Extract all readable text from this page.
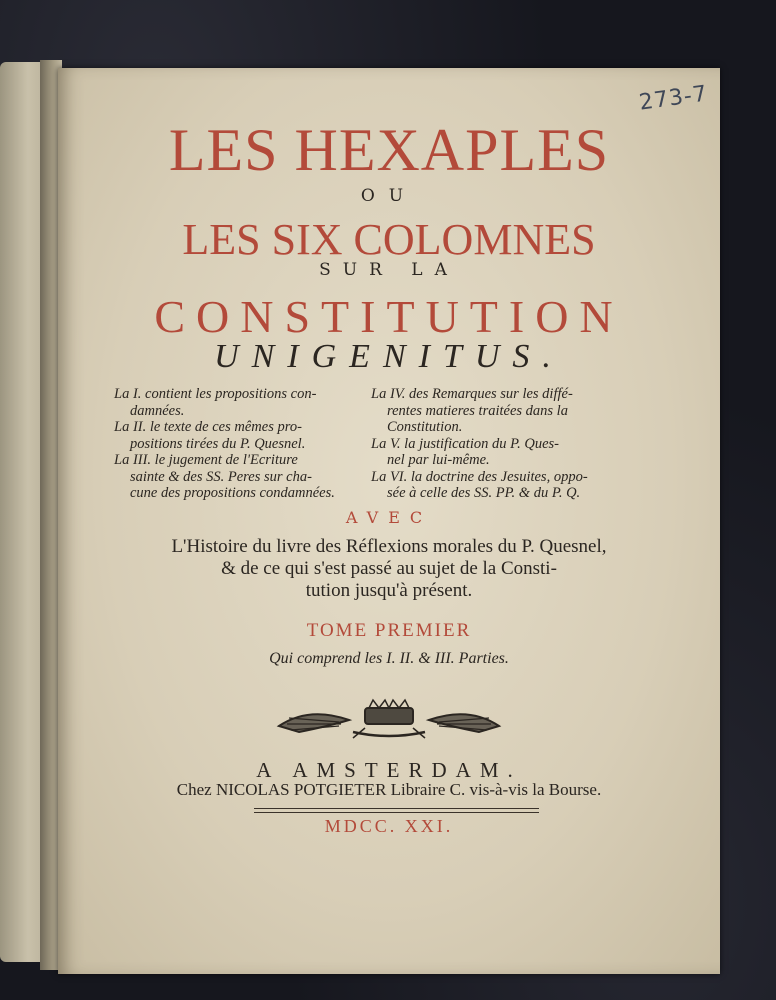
273-7
LES HEXAPLES
OU
LES SIX COLOMNES
SUR LA
CONSTITUTION
UNIGENITUS.

La I. contient les propositions con-

damnées.

La II. le texte de ces mêmes pro-

positions tirées du P. Quesnel.

La III. le jugement de l'Ecriture

sainte & des SS. Peres sur cha-

cune des propositions condamnées.

La IV. des Remarques sur les diffé-

rentes matieres traitées dans la

Constitution.

La V. la justification du P. Ques-

nel par lui-même.

La VI. la doctrine des Jesuites, oppo-

sée à celle des SS. PP. & du P. Q.

AVEC

L'Histoire du livre des Réflexions morales du P. Quesnel,

& de ce qui s'est passé au sujet de la Consti-

tution jusqu'à présent.

TOME PREMIER
Qui comprend les I. II. & III. Parties.
A AMSTERDAM.
Chez NICOLAS POTGIETER Libraire C. vis-à-vis la Bourse.
MDCC. XXI.
